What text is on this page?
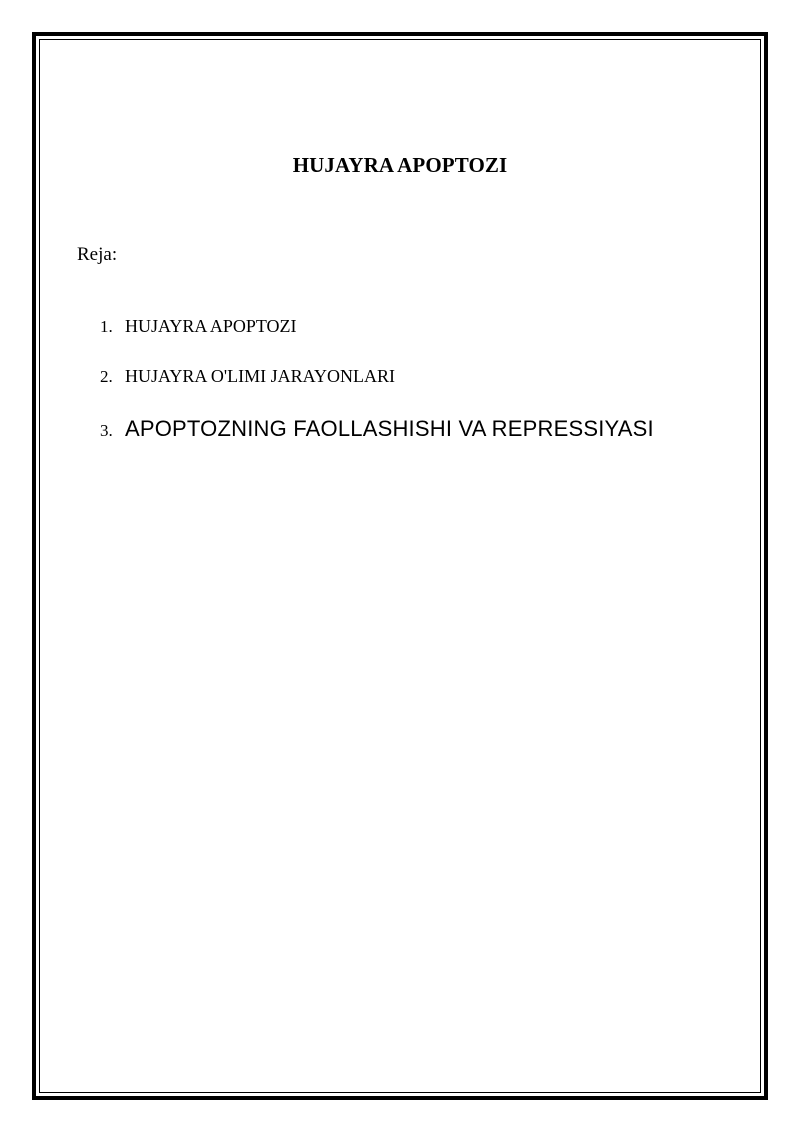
HUJAYRA APOPTOZI
Reja:
1. HUJAYRA APOPTOZI
2. HUJAYRA O'LIMI JARAYONLARI
3. APOPTOZNING FAOLLASHISHI VA REPRESSIYASI
